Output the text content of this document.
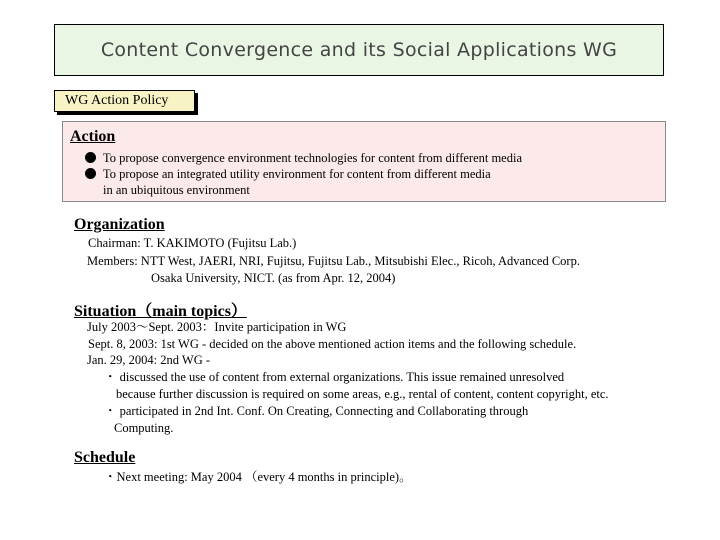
Content Convergence and its Social Applications WG
WG Action Policy
Action
To propose convergence environment technologies for content from different media
To propose an integrated utility environment for content from different media
in an ubiquitous environment
Organization
Chairman: T. KAKIMOTO (Fujitsu Lab.)
Members: NTT West, JAERI, NRI, Fujitsu, Fujitsu Lab., Mitsubishi Elec., Ricoh, Advanced Corp.
Osaka University, NICT. (as from Apr. 12, 2004)
Situation（main topics）
July 2003～Sept. 2003：Invite participation in WG
Sept. 8, 2003: 1st WG - decided on the above mentioned action items and the following schedule.
Jan. 29, 2004: 2nd WG -
・ discussed the use of content from external organizations. This issue remained unresolved
because further discussion is required on some areas, e.g., rental of content, content copyright, etc.
・ participated in 2nd Int. Conf. On Creating, Connecting and Collaborating through
Computing.
Schedule
・Next meeting: May 2004 （every 4 months in principle)。
